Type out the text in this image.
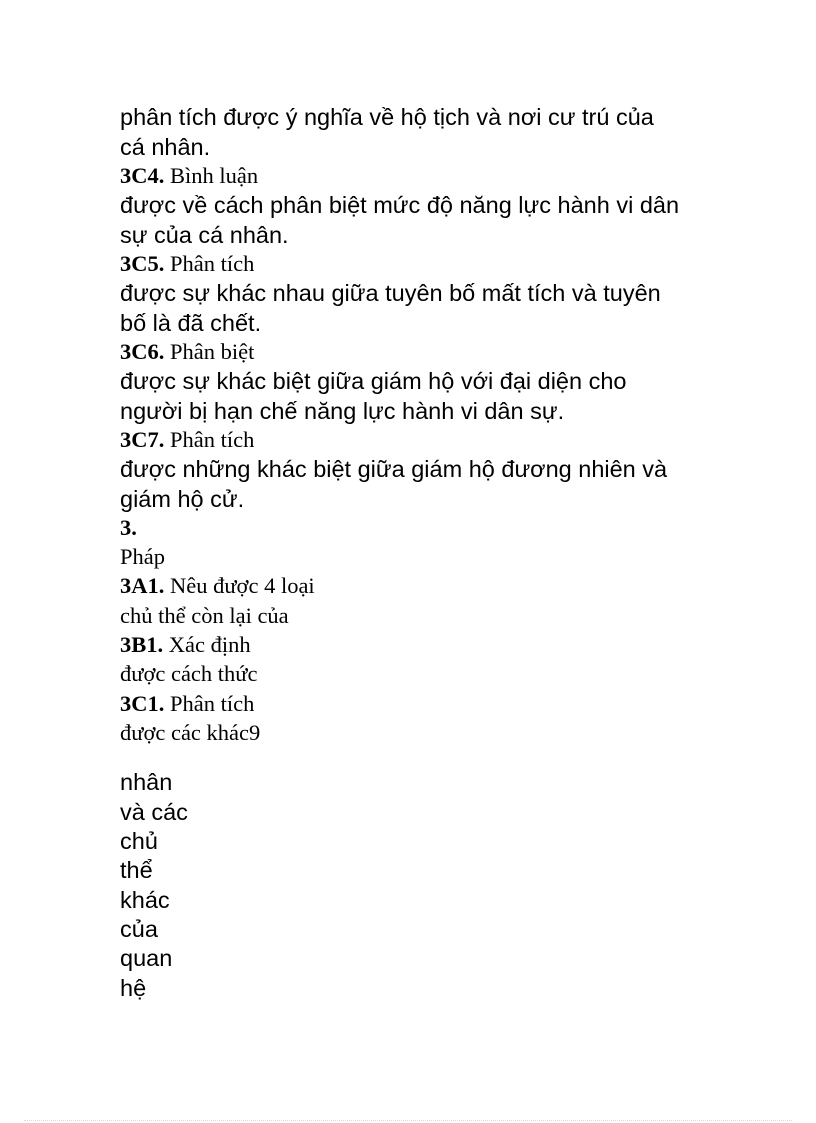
phân tích được ý nghĩa về hộ tịch và nơi cư trú của
cá nhân.
3C4. Bình luận
được về cách phân biệt mức độ năng lực hành vi dân
sự của cá nhân.
3C5. Phân tích
được sự khác nhau giữa tuyên bố mất tích và tuyên
bố là đã chết.
3C6. Phân biệt
được sự khác biệt giữa giám hộ với đại diện cho
người bị hạn chế năng lực hành vi dân sự.
3C7. Phân tích
được những khác biệt giữa giám hộ đương nhiên và
giám hộ cử.
3.
Pháp
3A1. Nêu được 4 loại
chủ thể còn lại của
3B1. Xác định
được cách thức
3C1. Phân tích
được các khác9
nhân
và các
chủ
thể
khác
của
quan
hệ
